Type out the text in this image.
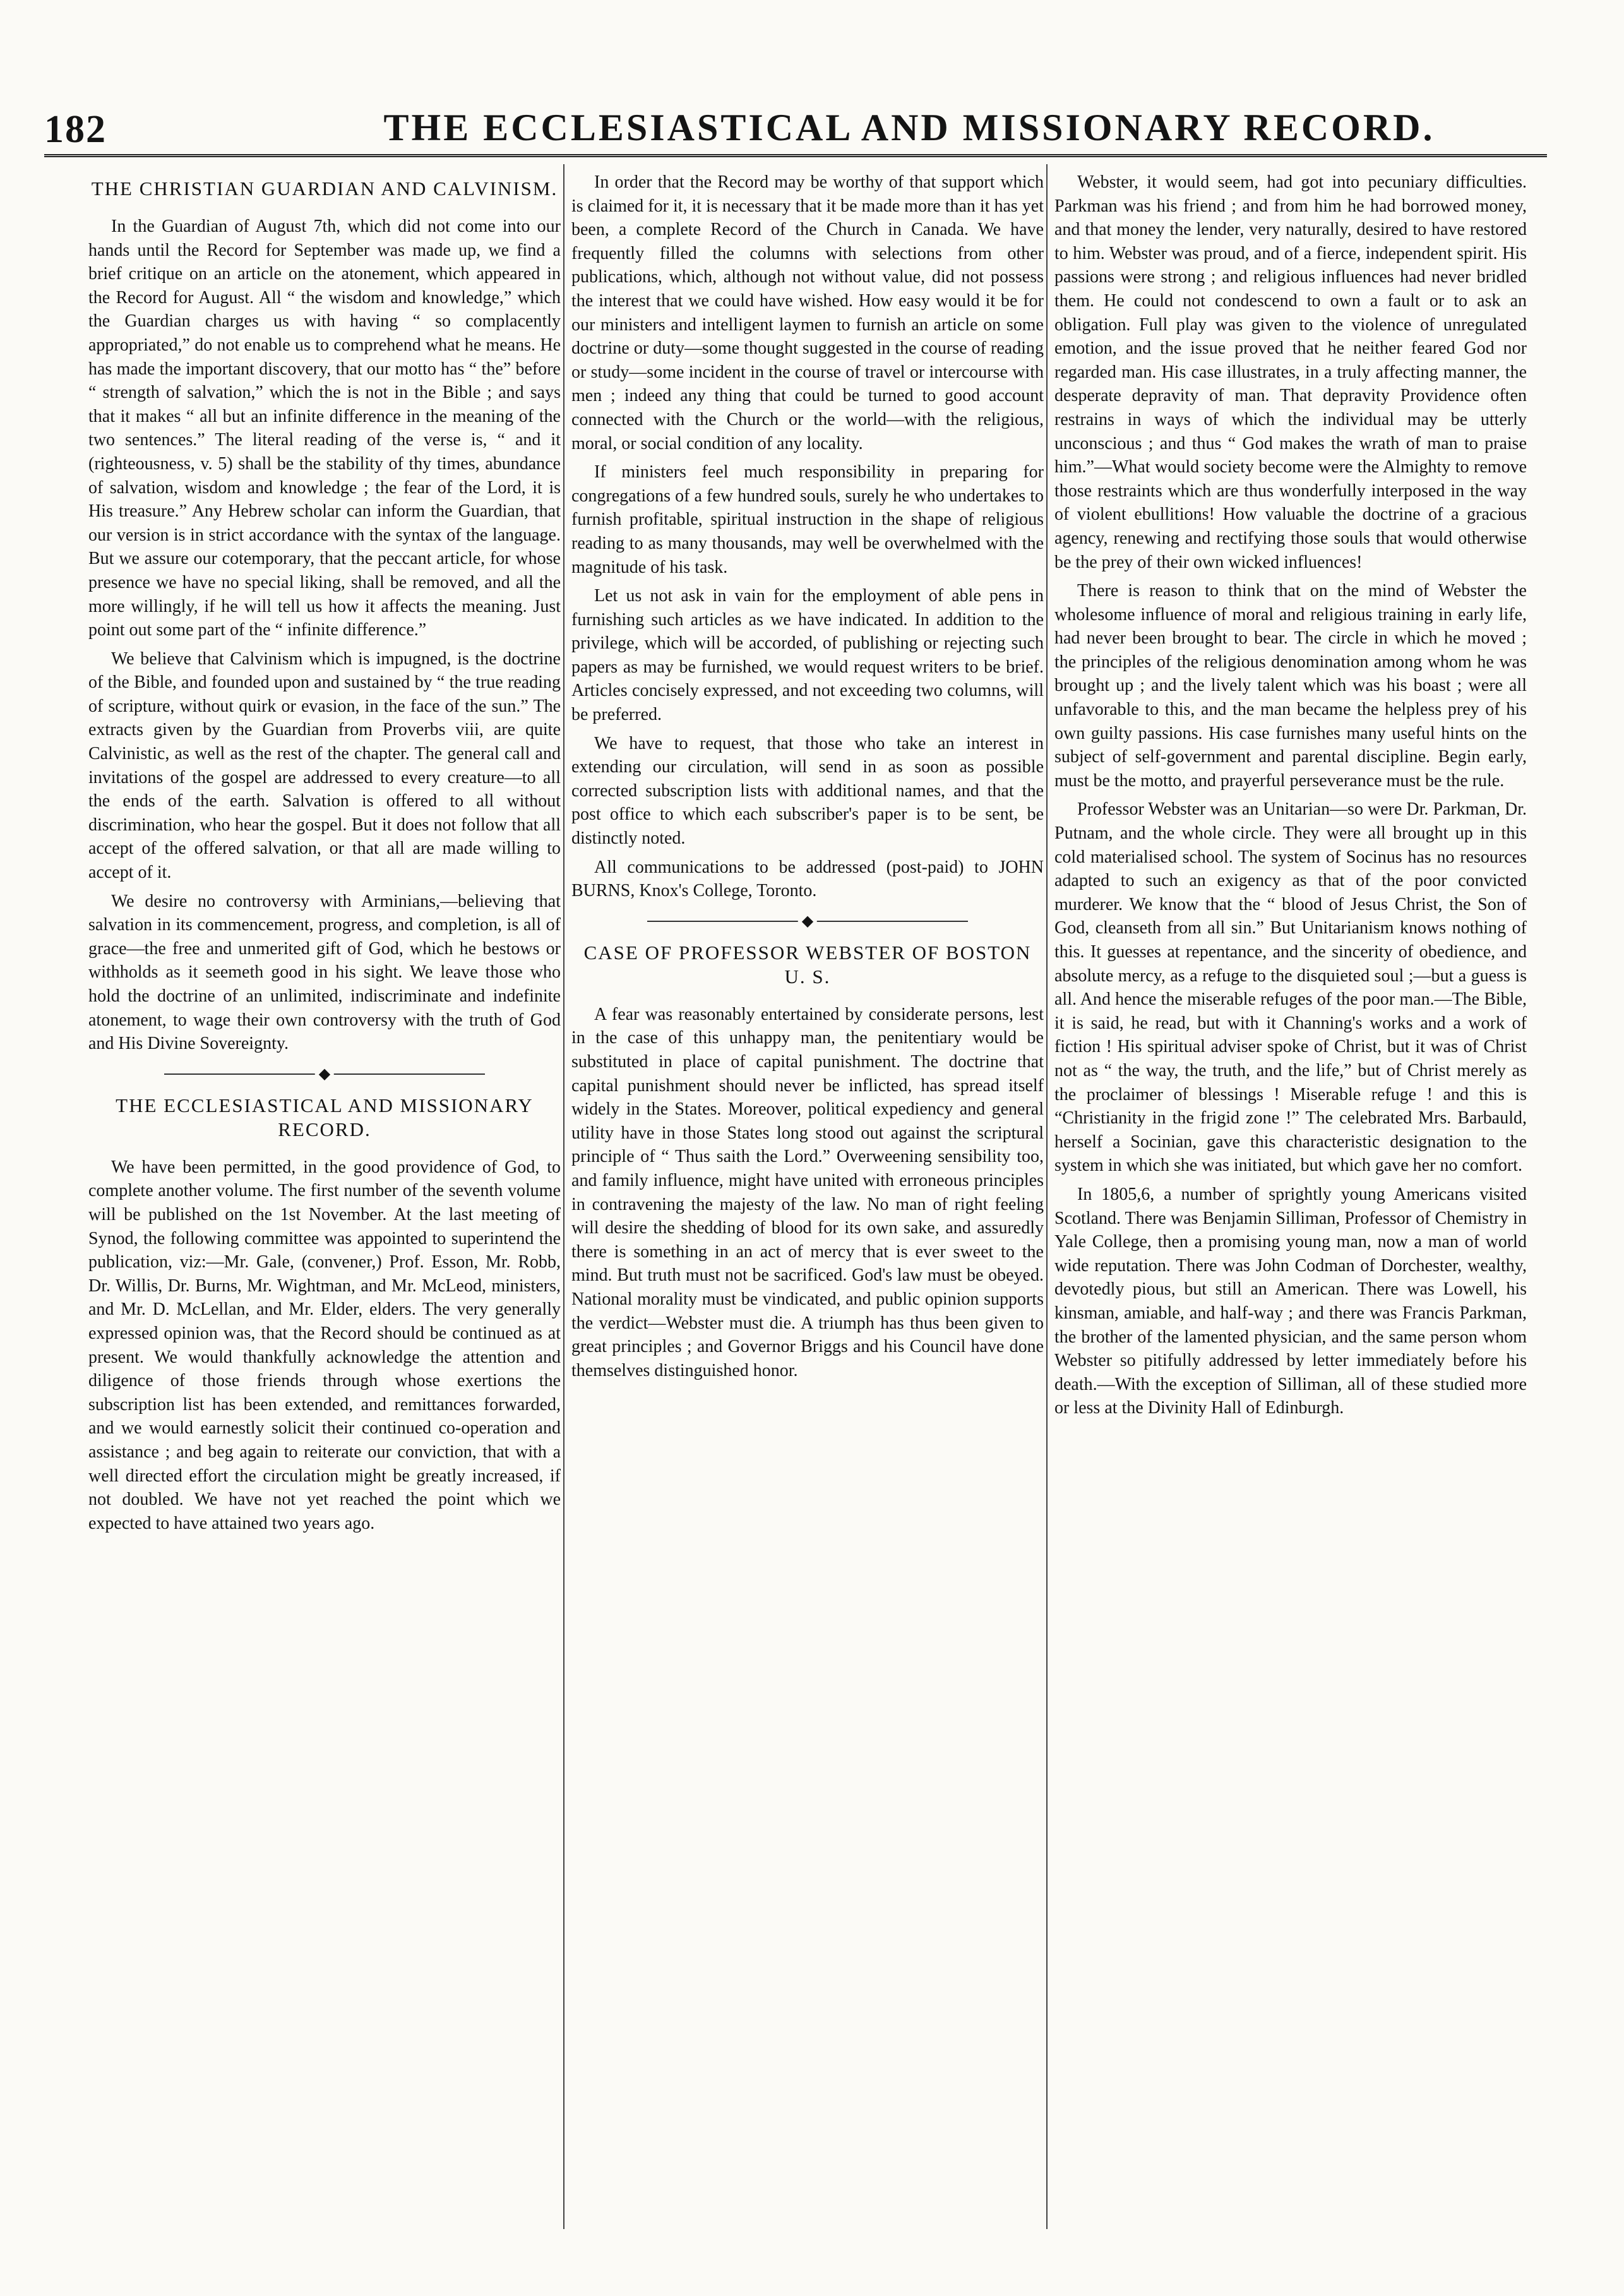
182	THE ECCLESIASTICAL AND MISSIONARY RECORD.
THE CHRISTIAN GUARDIAN AND CALVINISM.

In the Guardian of August 7th, which did not come into our hands until the Record for September was made up, we find a brief critique on an article on the atonement, which appeared in the Record for August. All “ the wisdom and knowledge,” which the Guardian charges us with having “ so complacently appropriated,” do not enable us to comprehend what he means. He has made the important discovery, that our motto has “ the” before “ strength of salvation,” which the is not in the Bible ; and says that it makes “ all but an infinite difference in the meaning of the two sentences.” The literal reading of the verse is, “ and it (righteousness, v. 5) shall be the stability of thy times, abundance of salvation, wisdom and knowledge ; the fear of the Lord, it is His treasure.” Any Hebrew scholar can inform the Guardian, that our version is in strict accordance with the syntax of the language. But we assure our cotemporary, that the peccant article, for whose presence we have no special liking, shall be removed, and all the more willingly, if he will tell us how it affects the meaning. Just point out some part of the “ infinite difference.”

We believe that Calvinism which is impugned, is the doctrine of the Bible, and founded upon and sustained by “ the true reading of scripture, without quirk or evasion, in the face of the sun.” The extracts given by the Guardian from Proverbs viii, are quite Calvinistic, as well as the rest of the chapter. The general call and invitations of the gospel are addressed to every creature—to all the ends of the earth. Salvation is offered to all without discrimination, who hear the gospel. But it does not follow that all accept of the offered salvation, or that all are made willing to accept of it.

We desire no controversy with Arminians,—believing that salvation in its commencement, progress, and completion, is all of grace—the free and unmerited gift of God, which he bestows or withholds as it seemeth good in his sight. We leave those who hold the doctrine of an unlimited, indiscriminate and indefinite atonement, to wage their own controversy with the truth of God and His Divine Sovereignty.

◆
THE ECCLESIASTICAL AND MISSIONARY RECORD.

We have been permitted, in the good providence of God, to complete another volume. The first number of the seventh volume will be published on the 1st November. At the last meeting of Synod, the following committee was appointed to superintend the publication, viz:—Mr. Gale, (convener,) Prof. Esson, Mr. Robb, Dr. Willis, Dr. Burns, Mr. Wightman, and Mr. McLeod, ministers, and Mr. D. McLellan, and Mr. Elder, elders. The very generally expressed opinion was, that the Record should be continued as at present. We would thankfully acknowledge the attention and diligence of those friends through whose exertions the subscription list has been extended, and remittances forwarded, and we would earnestly solicit their continued co-operation and assistance ; and beg again to reiterate our conviction, that with a well directed effort the circulation might be greatly increased, if not doubled. We have not yet reached the point which we expected to have attained two years ago.

In order that the Record may be worthy of that support which is claimed for it, it is necessary that it be made more than it has yet been, a complete Record of the Church in Canada. We have frequently filled the columns with selections from other publications, which, although not without value, did not possess the interest that we could have wished. How easy would it be for our ministers and intelligent laymen to furnish an article on some doctrine or duty—some thought suggested in the course of reading or study—some incident in the course of travel or intercourse with men ; indeed any thing that could be turned to good account connected with the Church or the world—with the religious, moral, or social condition of any locality.

If ministers feel much responsibility in preparing for congregations of a few hundred souls, surely he who undertakes to furnish profitable, spiritual instruction in the shape of religious reading to as many thousands, may well be overwhelmed with the magnitude of his task.

Let us not ask in vain for the employment of able pens in furnishing such articles as we have indicated. In addition to the privilege, which will be accorded, of publishing or rejecting such papers as may be furnished, we would request writers to be brief. Articles concisely expressed, and not exceeding two columns, will be preferred.

We have to request, that those who take an interest in extending our circulation, will send in as soon as possible corrected subscription lists with additional names, and that the post office to which each subscriber's paper is to be sent, be distinctly noted.

All communications to be addressed (post-paid) to JOHN BURNS, Knox's College, Toronto.

◆
CASE OF PROFESSOR WEBSTER OF BOSTON U. S.

A fear was reasonably entertained by considerate persons, lest in the case of this unhappy man, the penitentiary would be substituted in place of capital punishment. The doctrine that capital punishment should never be inflicted, has spread itself widely in the States. Moreover, political expediency and general utility have in those States long stood out against the scriptural principle of “ Thus saith the Lord.” Overweening sensibility too, and family influence, might have united with erroneous principles in contravening the majesty of the law. No man of right feeling will desire the shedding of blood for its own sake, and assuredly there is something in an act of mercy that is ever sweet to the mind. But truth must not be sacrificed. God's law must be obeyed. National morality must be vindicated, and public opinion supports the verdict—Webster must die. A triumph has thus been given to great principles ; and Governor Briggs and his Council have done themselves distinguished honor.

Webster, it would seem, had got into pecuniary difficulties. Parkman was his friend ; and from him he had borrowed money, and that money the lender, very naturally, desired to have restored to him. Webster was proud, and of a fierce, independent spirit. His passions were strong ; and religious influences had never bridled them. He could not condescend to own a fault or to ask an obligation. Full play was given to the violence of unregulated emotion, and the issue proved that he neither feared God nor regarded man. His case illustrates, in a truly affecting manner, the desperate depravity of man. That depravity Providence often restrains in ways of which the individual may be utterly unconscious ; and thus “ God makes the wrath of man to praise him.”—What would society become were the Almighty to remove those restraints which are thus wonderfully interposed in the way of violent ebullitions! How valuable the doctrine of a gracious agency, renewing and rectifying those souls that would otherwise be the prey of their own wicked influences!

There is reason to think that on the mind of Webster the wholesome influence of moral and religious training in early life, had never been brought to bear. The circle in which he moved ; the principles of the religious denomination among whom he was brought up ; and the lively talent which was his boast ; were all unfavorable to this, and the man became the helpless prey of his own guilty passions. His case furnishes many useful hints on the subject of self-government and parental discipline. Begin early, must be the motto, and prayerful perseverance must be the rule.

Professor Webster was an Unitarian—so were Dr. Parkman, Dr. Putnam, and the whole circle. They were all brought up in this cold materialised school. The system of Socinus has no resources adapted to such an exigency as that of the poor convicted murderer. We know that the “ blood of Jesus Christ, the Son of God, cleanseth from all sin.” But Unitarianism knows nothing of this. It guesses at repentance, and the sincerity of obedience, and absolute mercy, as a refuge to the disquieted soul ;—but a guess is all. And hence the miserable refuges of the poor man.—The Bible, it is said, he read, but with it Channing's works and a work of fiction ! His spiritual adviser spoke of Christ, but it was of Christ not as “ the way, the truth, and the life,” but of Christ merely as the proclaimer of blessings ! Miserable refuge ! and this is “Christianity in the frigid zone !” The celebrated Mrs. Barbauld, herself a Socinian, gave this characteristic designation to the system in which she was initiated, but which gave her no comfort.

In 1805,6, a number of sprightly young Americans visited Scotland. There was Benjamin Silliman, Professor of Chemistry in Yale College, then a promising young man, now a man of world wide reputation. There was John Codman of Dorchester, wealthy, devotedly pious, but still an American. There was Lowell, his kinsman, amiable, and half-way ; and there was Francis Parkman, the brother of the lamented physician, and the same person whom Webster so pitifully addressed by letter immediately before his death.—With the exception of Silliman, all of these studied more or less at the Divinity Hall of Edinburgh.
